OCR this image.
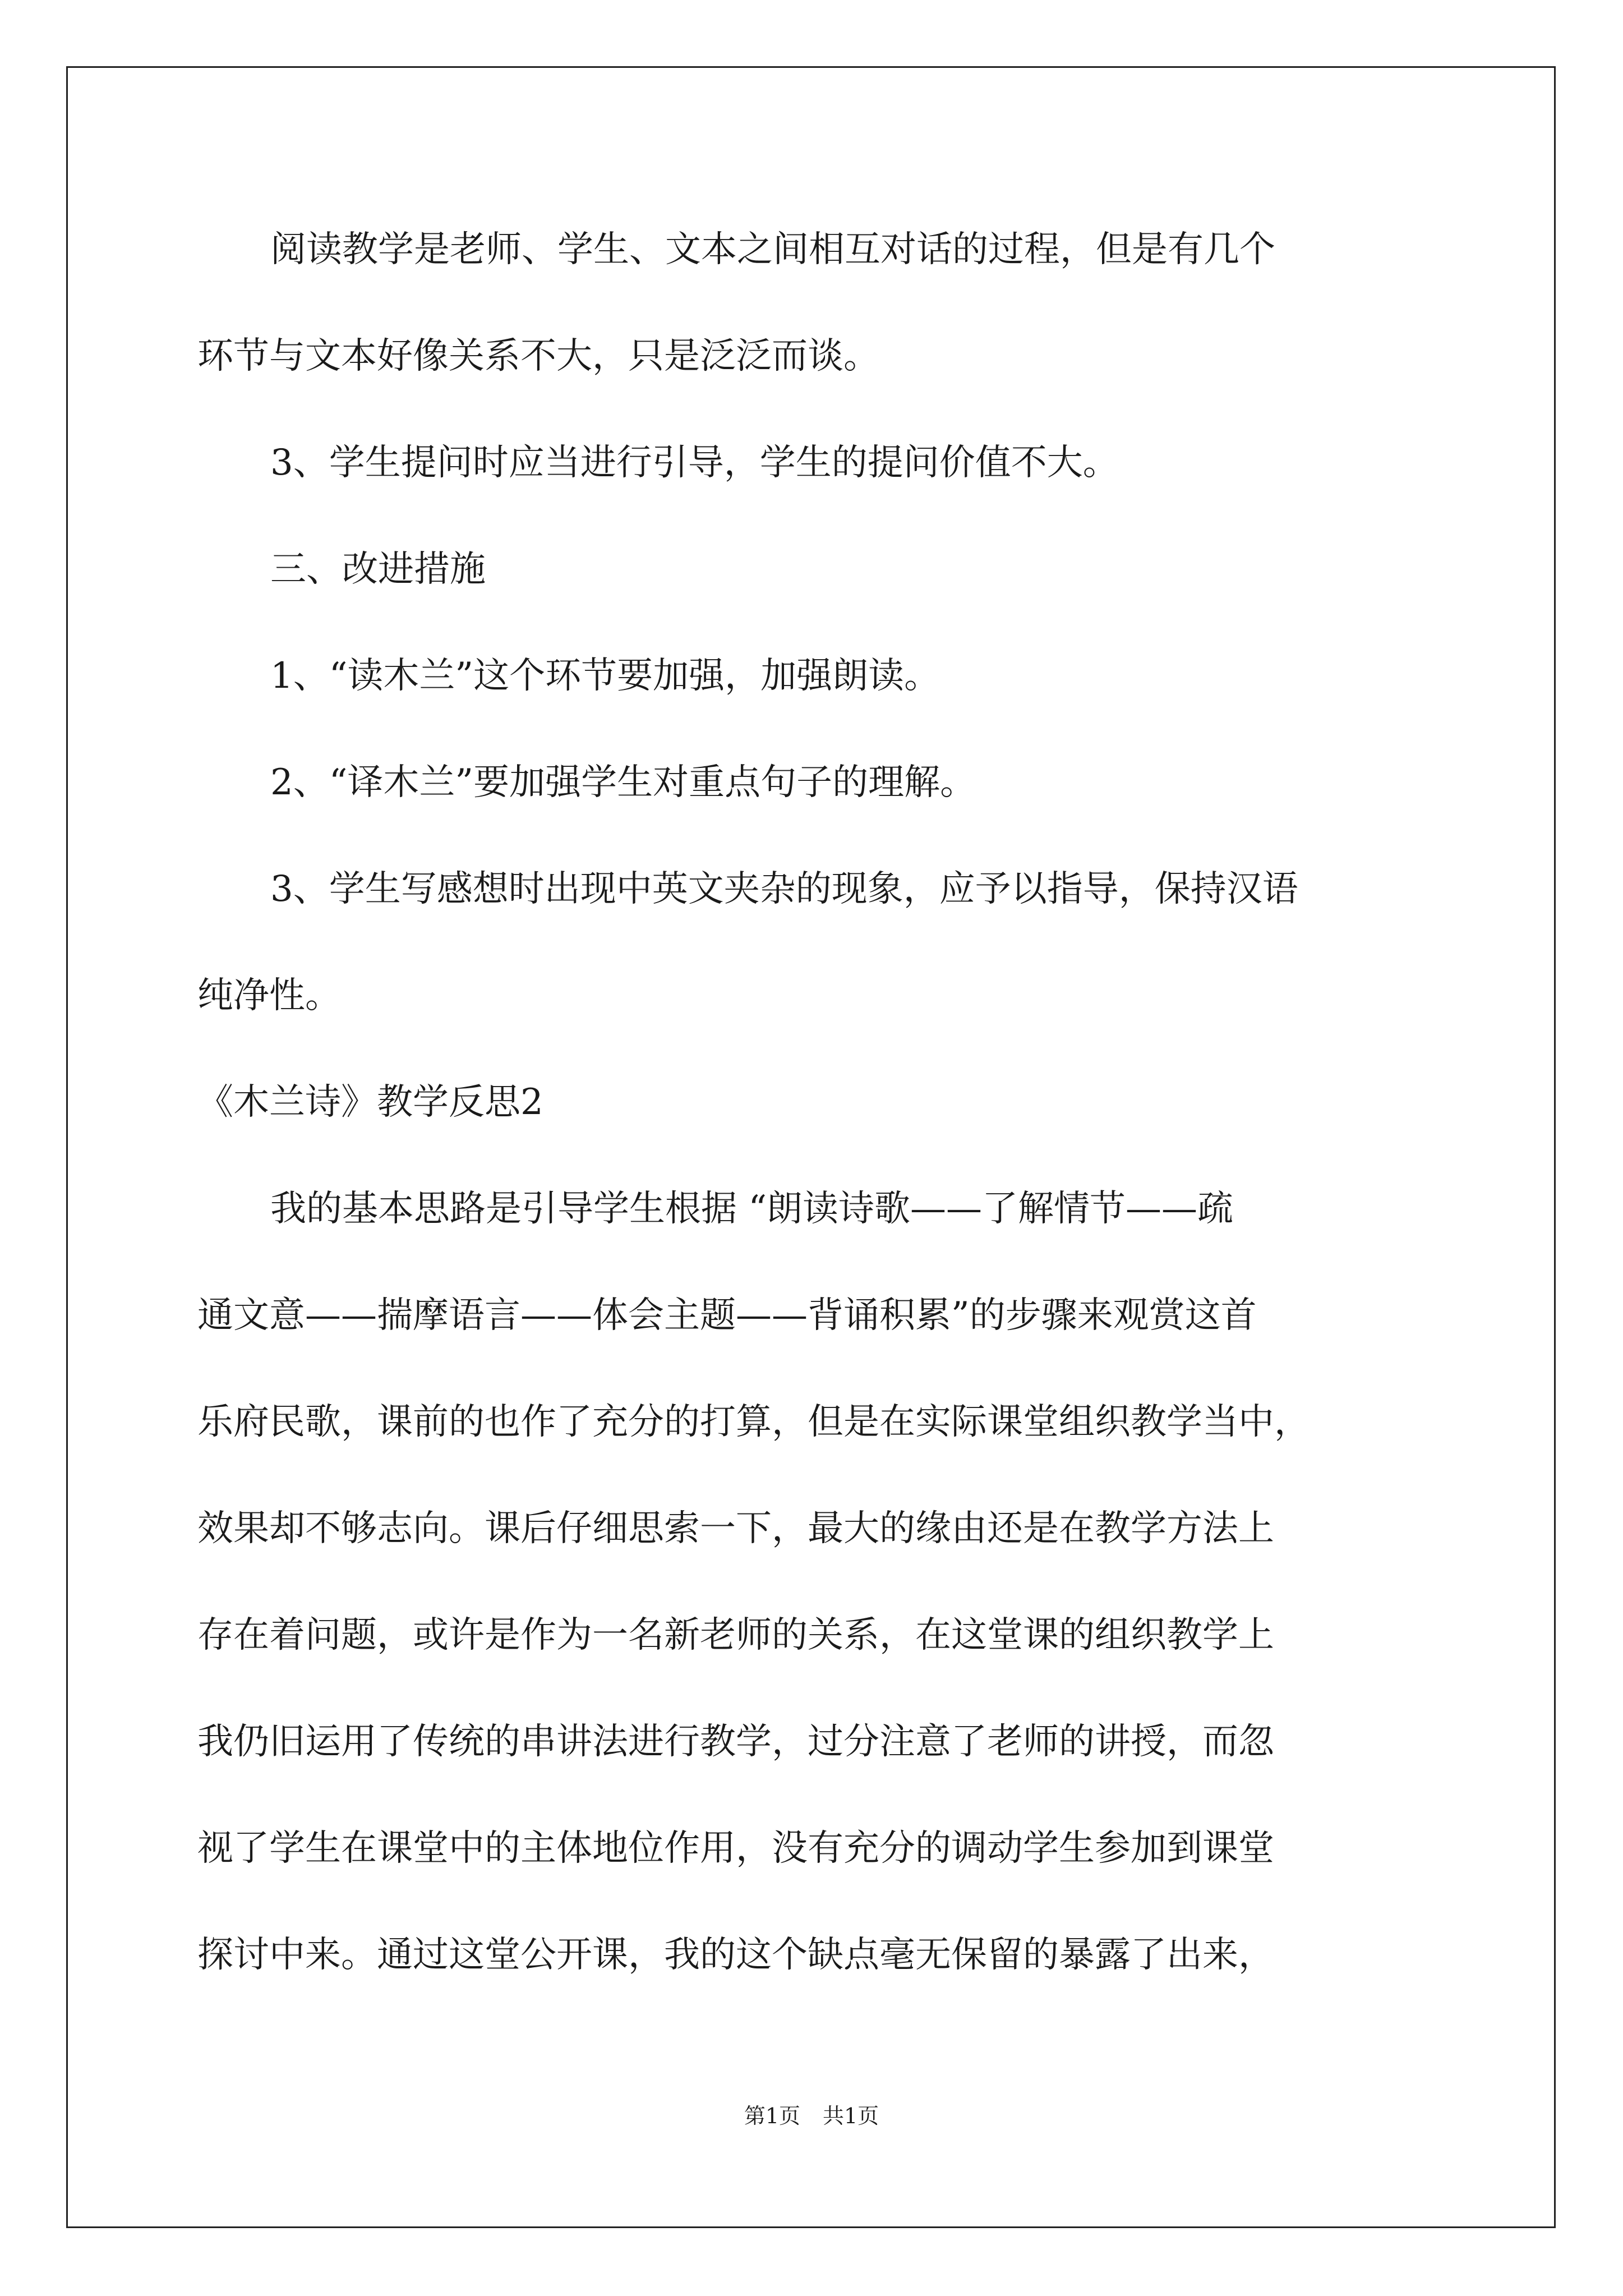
阅读教学是老师、学生、文本之间相互对话的过程，但是有几个
环节与文本好像关系不大，只是泛泛而谈。
3、学生提问时应当进行引导，学生的提问价值不大。
三、改进措施
1、“读木兰”这个环节要加强，加强朗读。
2、“译木兰”要加强学生对重点句子的理解。
3、学生写感想时出现中英文夹杂的现象，应予以指导，保持汉语
纯净性。
《木兰诗》教学反思2
我的基本思路是引导学生根据 “朗读诗歌——了解情节——疏
通文意——揣摩语言——体会主题——背诵积累”的步骤来观赏这首
乐府民歌，课前的也作了充分的打算，但是在实际课堂组织教学当中，
效果却不够志向。课后仔细思索一下，最大的缘由还是在教学方法上
存在着问题，或许是作为一名新老师的关系，在这堂课的组织教学上
我仍旧运用了传统的串讲法进行教学，过分注意了老师的讲授，而忽
视了学生在课堂中的主体地位作用，没有充分的调动学生参加到课堂
探讨中来。通过这堂公开课，我的这个缺点毫无保留的暴露了出来，
第1页 共1页
